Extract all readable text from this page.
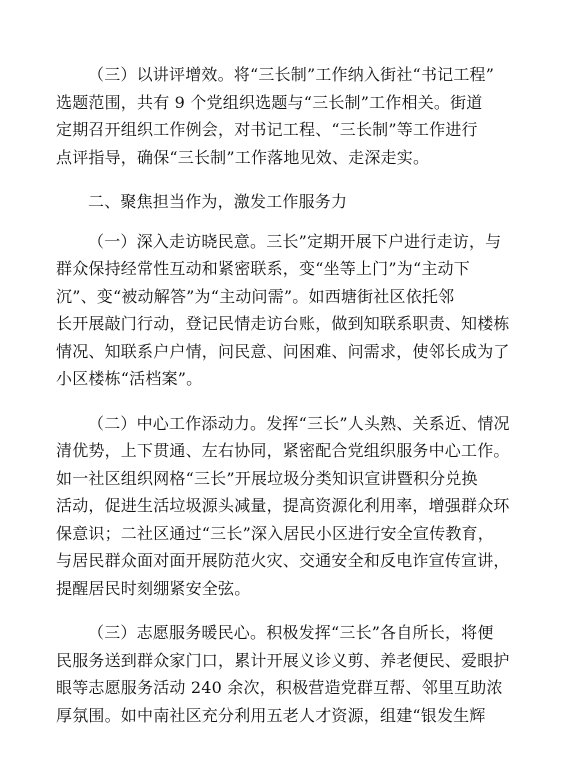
（三）以讲评增效。将“三长制”工作纳入街社“书记工程”
选题范围，共有 9 个党组织选题与“三长制”工作相关。街道
定期召开组织工作例会，对书记工程、“三长制”等工作进行
点评指导，确保“三长制”工作落地见效、走深走实。
二、聚焦担当作为，激发工作服务力
（一）深入走访晓民意。三长”定期开展下户进行走访，与
群众保持经常性互动和紧密联系，变“坐等上门”为“主动下
沉”、变“被动解答”为“主动问需”。如西塘街社区依托邻
长开展敲门行动，登记民情走访台账，做到知联系职责、知楼栋
情况、知联系户户情，问民意、问困难、问需求，使邻长成为了
小区楼栋“活档案”。
（二）中心工作添动力。发挥“三长”人头熟、关系近、情况
清优势，上下贯通、左右协同，紧密配合党组织服务中心工作。
如一社区组织网格“三长”开展垃圾分类知识宣讲暨积分兑换
活动，促进生活垃圾源头减量，提高资源化利用率，增强群众环
保意识；二社区通过“三长”深入居民小区进行安全宣传教育，
与居民群众面对面开展防范火灾、交通安全和反电诈宣传宣讲，
提醒居民时刻绷紧安全弦。
（三）志愿服务暖民心。积极发挥“三长”各自所长，将便
民服务送到群众家门口，累计开展义诊义剪、养老便民、爱眼护
眼等志愿服务活动 240 余次，积极营造党群互帮、邻里互助浓
厚氛围。如中南社区充分利用五老人才资源，组建“银发生辉
